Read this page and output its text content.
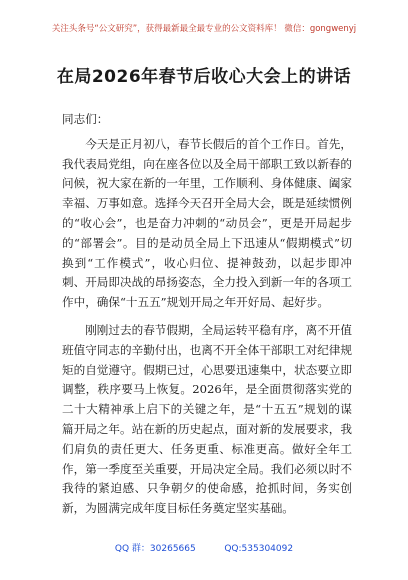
关注头条号“公文研究”，获得最新最全最专业的公文资料库！ 微信：gongwenyj
在局2026年春节后收心大会上的讲话

同志们：

今天是正月初八，春节长假后的首个工作日。首先，我代表局党组，向在座各位以及全局干部职工致以新春的问候，祝大家在新的一年里，工作顺利、身体健康、阖家幸福、万事如意。选择今天召开全局大会，既是延续惯例的“收心会”，也是奋力冲刺的“动员会”，更是开局起步的“部署会”。目的是动员全局上下迅速从“假期模式”切换到“工作模式”，收心归位、提神鼓劲，以起步即冲刺、开局即决战的昂扬姿态，全力投入到新一年的各项工作中，确保“十五五”规划开局之年开好局、起好步。

刚刚过去的春节假期，全局运转平稳有序，离不开值班值守同志的辛勤付出，也离不开全体干部职工对纪律规矩的自觉遵守。假期已过，心思要迅速集中，状态要立即调整，秩序要马上恢复。2026年，是全面贯彻落实党的二十大精神承上启下的关键之年，是“十五五”规划的谋篇开局之年。站在新的历史起点，面对新的发展要求，我们肩负的责任更大、任务更重、标准更高。做好全年工作，第一季度至关重要，开局决定全局。我们必须以时不我待的紧迫感、只争朝夕的使命感，抢抓时间，务实创新，为圆满完成年度目标任务奠定坚实基础。

QQ 群：30265665	QQ:535304092
